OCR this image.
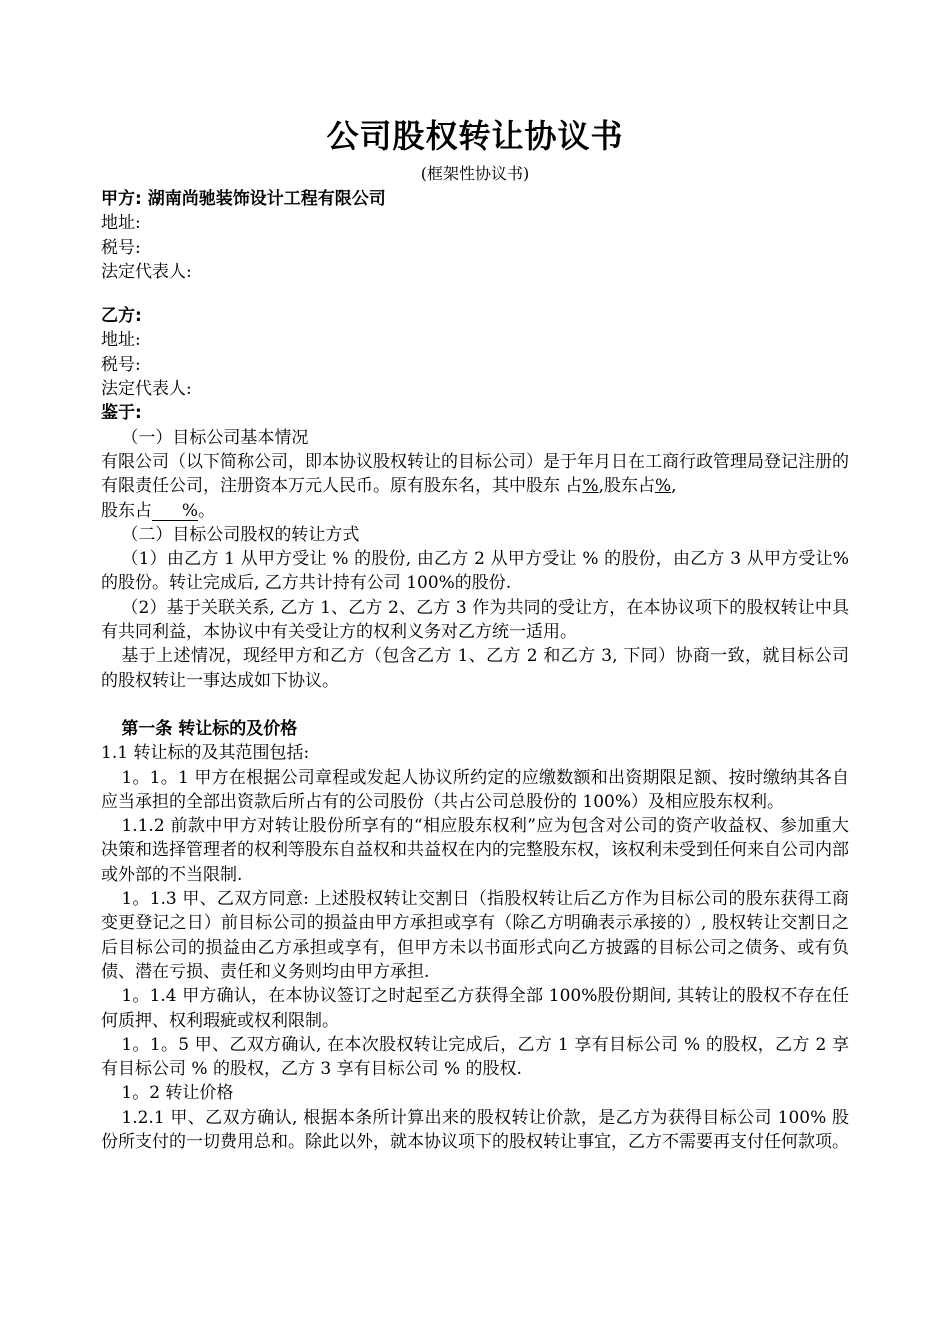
公司股权转让协议书
(框架性协议书)
甲方: 湖南尚驰装饰设计工程有限公司
地址:
税号:
法定代表人:
乙方:
地址:
税号:
法定代表人:
鉴于:
（一）目标公司基本情况
有限公司（以下简称公司，即本协议股权转让的目标公司）是于年月日在工商行政管理局登记注册的有限责任公司，注册资本万元人民币。原有股东名，其中股东 占%,股东占%,
股东占 %。
（二）目标公司股权的转让方式
（1）由乙方 1 从甲方受让 % 的股份, 由乙方 2 从甲方受让 % 的股份，由乙方 3 从甲方受让%的股份。转让完成后, 乙方共计持有公司 100%的股份.
（2）基于关联关系, 乙方 1、乙方 2、乙方 3 作为共同的受让方，在本协议项下的股权转让中具有共同利益，本协议中有关受让方的权利义务对乙方统一适用。
基于上述情况，现经甲方和乙方（包含乙方 1、乙方 2 和乙方 3, 下同）协商一致，就目标公司的股权转让一事达成如下协议。
第一条 转让标的及价格
1.1 转让标的及其范围包括:
1。1。1 甲方在根据公司章程或发起人协议所约定的应缴数额和出资期限足额、按时缴纳其各自应当承担的全部出资款后所占有的公司股份（共占公司总股份的 100%）及相应股东权利。
1.1.2 前款中甲方对转让股份所享有的“相应股东权利”应为包含对公司的资产收益权、参加重大决策和选择管理者的权利等股东自益权和共益权在内的完整股东权，该权利未受到任何来自公司内部或外部的不当限制.
1。1.3 甲、乙双方同意: 上述股权转让交割日（指股权转让后乙方作为目标公司的股东获得工商变更登记之日）前目标公司的损益由甲方承担或享有（除乙方明确表示承接的）, 股权转让交割日之后目标公司的损益由乙方承担或享有，但甲方未以书面形式向乙方披露的目标公司之债务、或有负债、潜在亏损、责任和义务则均由甲方承担.
1。1.4 甲方确认，在本协议签订之时起至乙方获得全部 100%股份期间, 其转让的股权不存在任何质押、权利瑕疵或权利限制。
1。1。5 甲、乙双方确认, 在本次股权转让完成后，乙方 1 享有目标公司 % 的股权，乙方 2 享有目标公司 % 的股权，乙方 3 享有目标公司 % 的股权.
1。2 转让价格
1.2.1 甲、乙双方确认, 根据本条所计算出来的股权转让价款，是乙方为获得目标公司 100% 股份所支付的一切费用总和。除此以外，就本协议项下的股权转让事宜，乙方不需要再支付任何款项。
